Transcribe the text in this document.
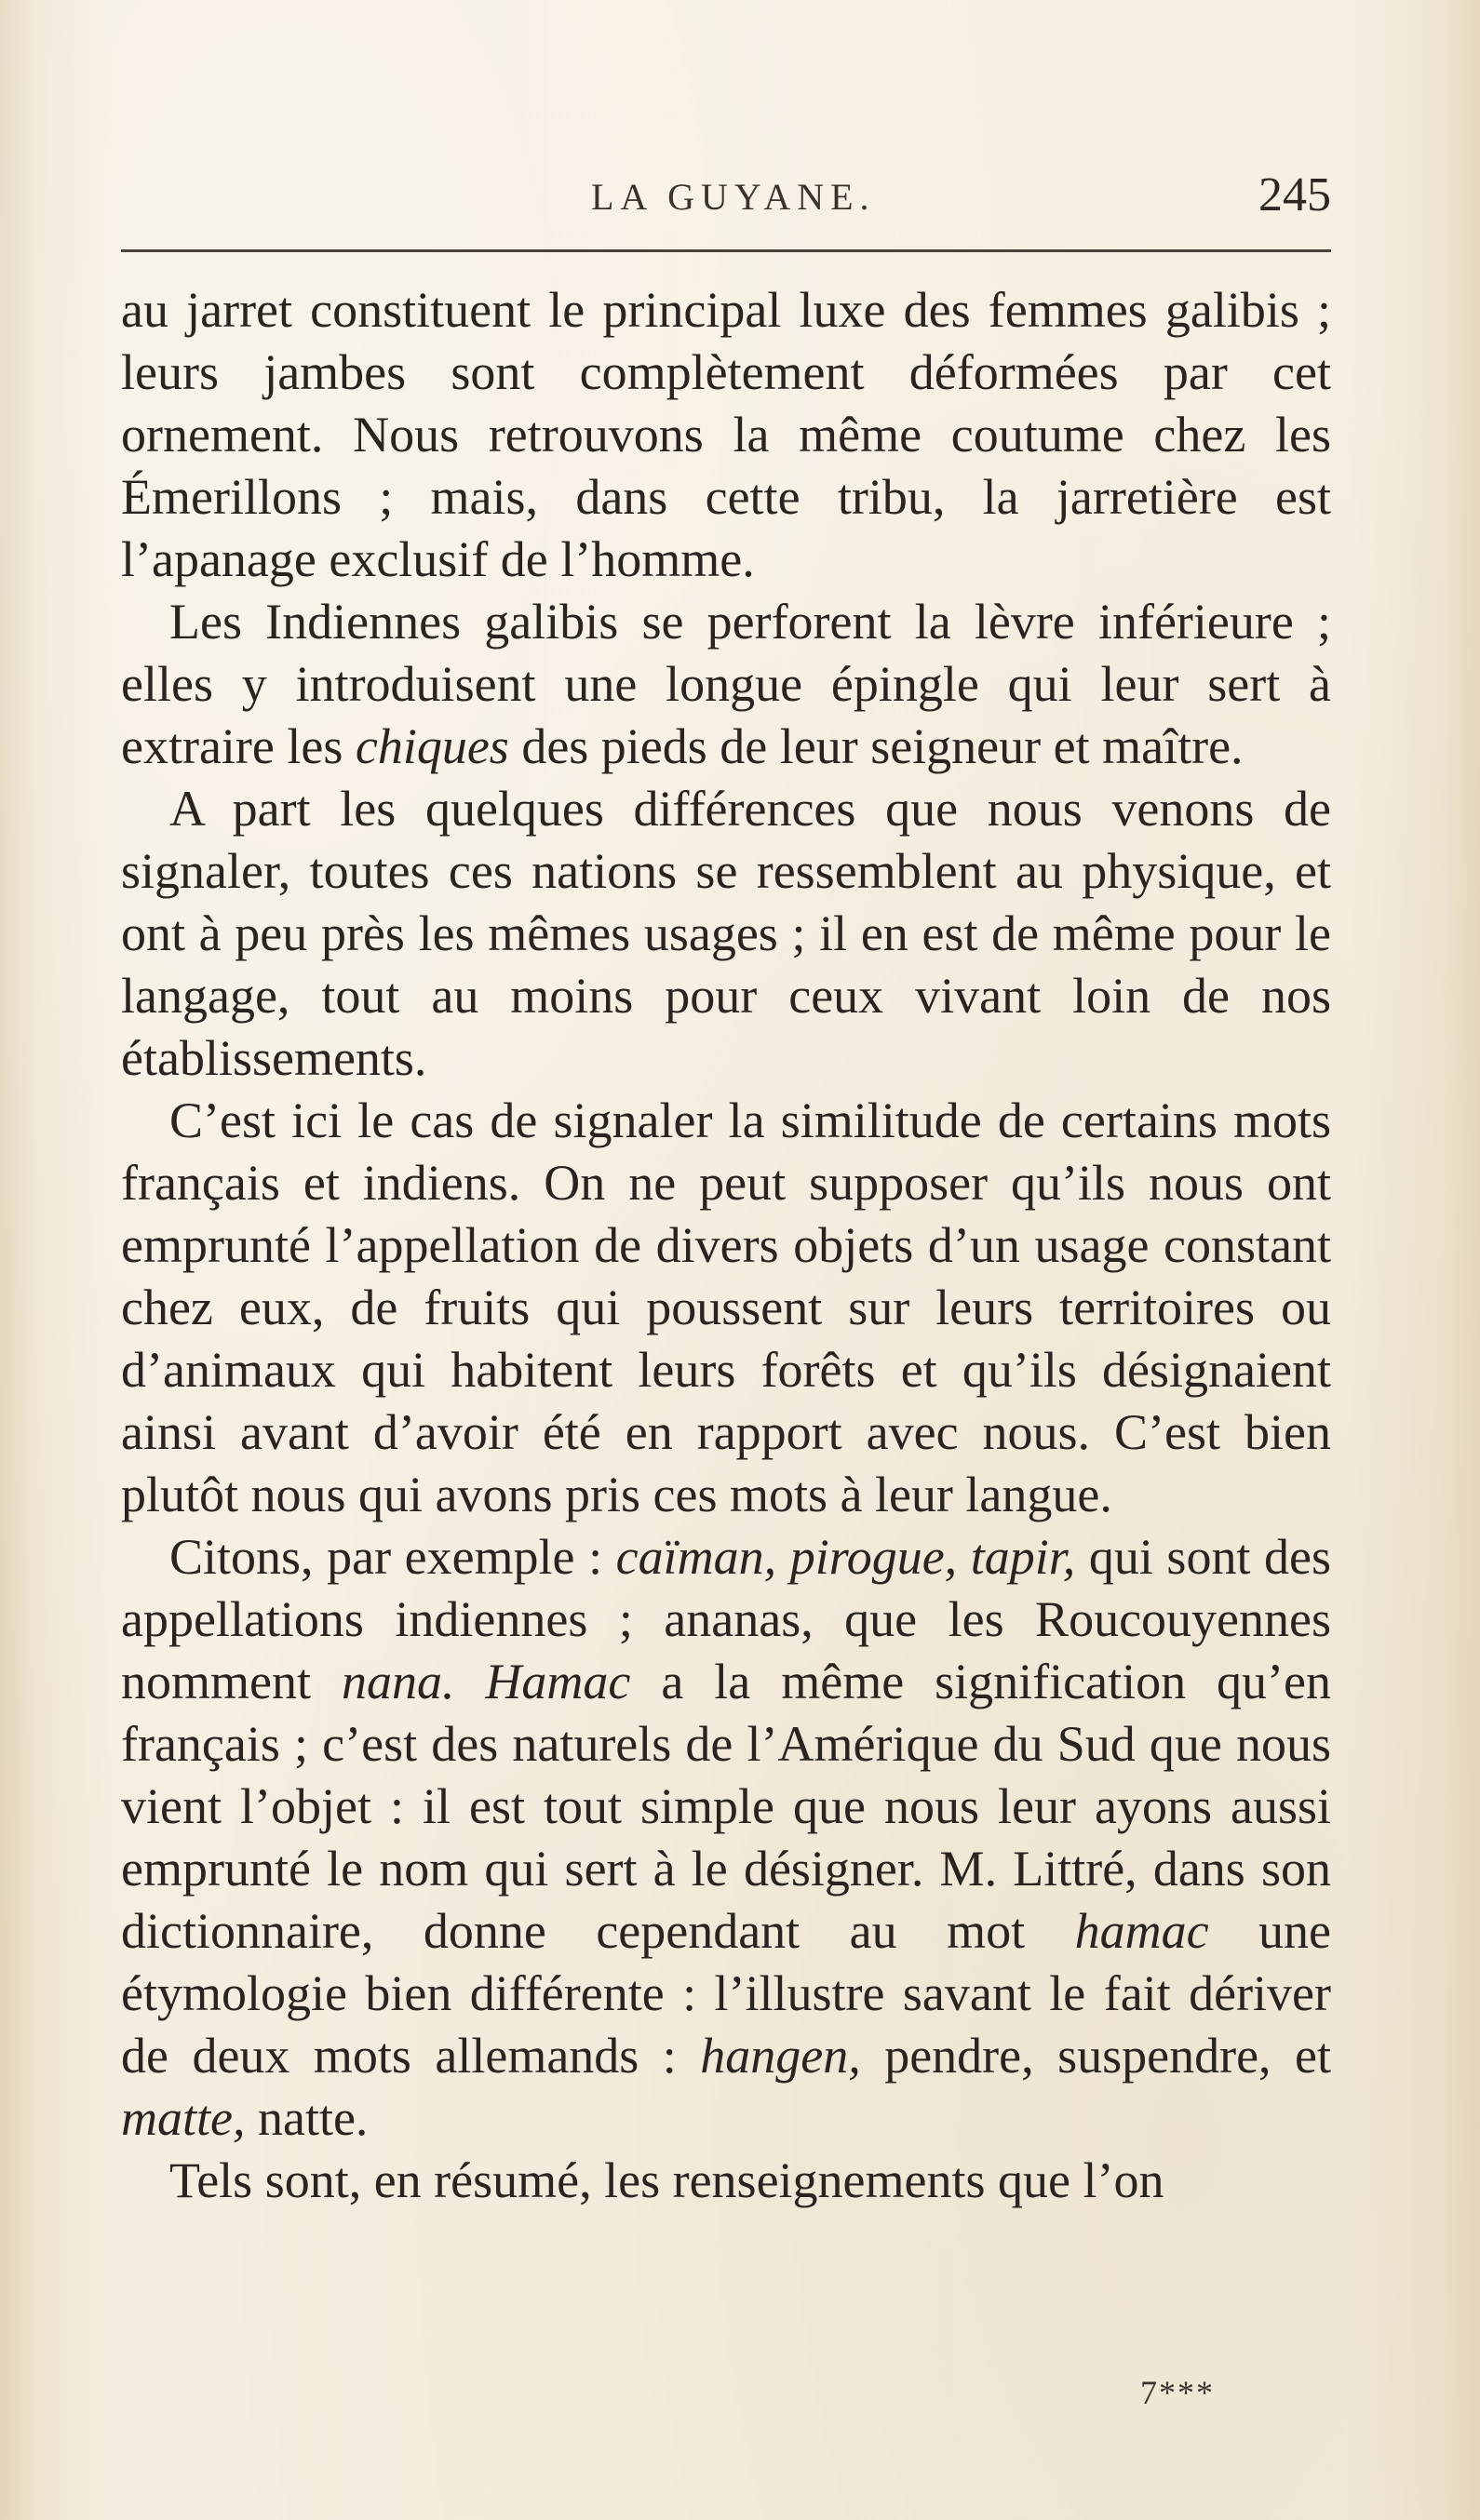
LA GUYANE.	245

au jarret constituent le principal luxe des femmes galibis ; leurs jambes sont complètement déformées par cet ornement. Nous retrouvons la même coutume chez les Émerillons ; mais, dans cette tribu, la jarretière est l’apanage exclusif de l’homme.

Les Indiennes galibis se perforent la lèvre inférieure ; elles y introduisent une longue épingle qui leur sert à extraire les chiques des pieds de leur seigneur et maître.

A part les quelques différences que nous venons de signaler, toutes ces nations se ressemblent au physique, et ont à peu près les mêmes usages ; il en est de même pour le langage, tout au moins pour ceux vivant loin de nos établissements.

C’est ici le cas de signaler la similitude de certains mots français et indiens. On ne peut supposer qu’ils nous ont emprunté l’appellation de divers objets d’un usage constant chez eux, de fruits qui poussent sur leurs territoires ou d’animaux qui habitent leurs forêts et qu’ils désignaient ainsi avant d’avoir été en rapport avec nous. C’est bien plutôt nous qui avons pris ces mots à leur langue.

Citons, par exemple : caïman, pirogue, tapir, qui sont des appellations indiennes ; ananas, que les Roucouyennes nomment nana. Hamac a la même signification qu’en français ; c’est des naturels de l’Amérique du Sud que nous vient l’objet : il est tout simple que nous leur ayons aussi emprunté le nom qui sert à le désigner. M. Littré, dans son dictionnaire, donne cependant au mot hamac une étymologie bien différente : l’illustre savant le fait dériver de deux mots allemands : hangen, pendre, suspendre, et matte, natte.

Tels sont, en résumé, les renseignements que l’on

7***
